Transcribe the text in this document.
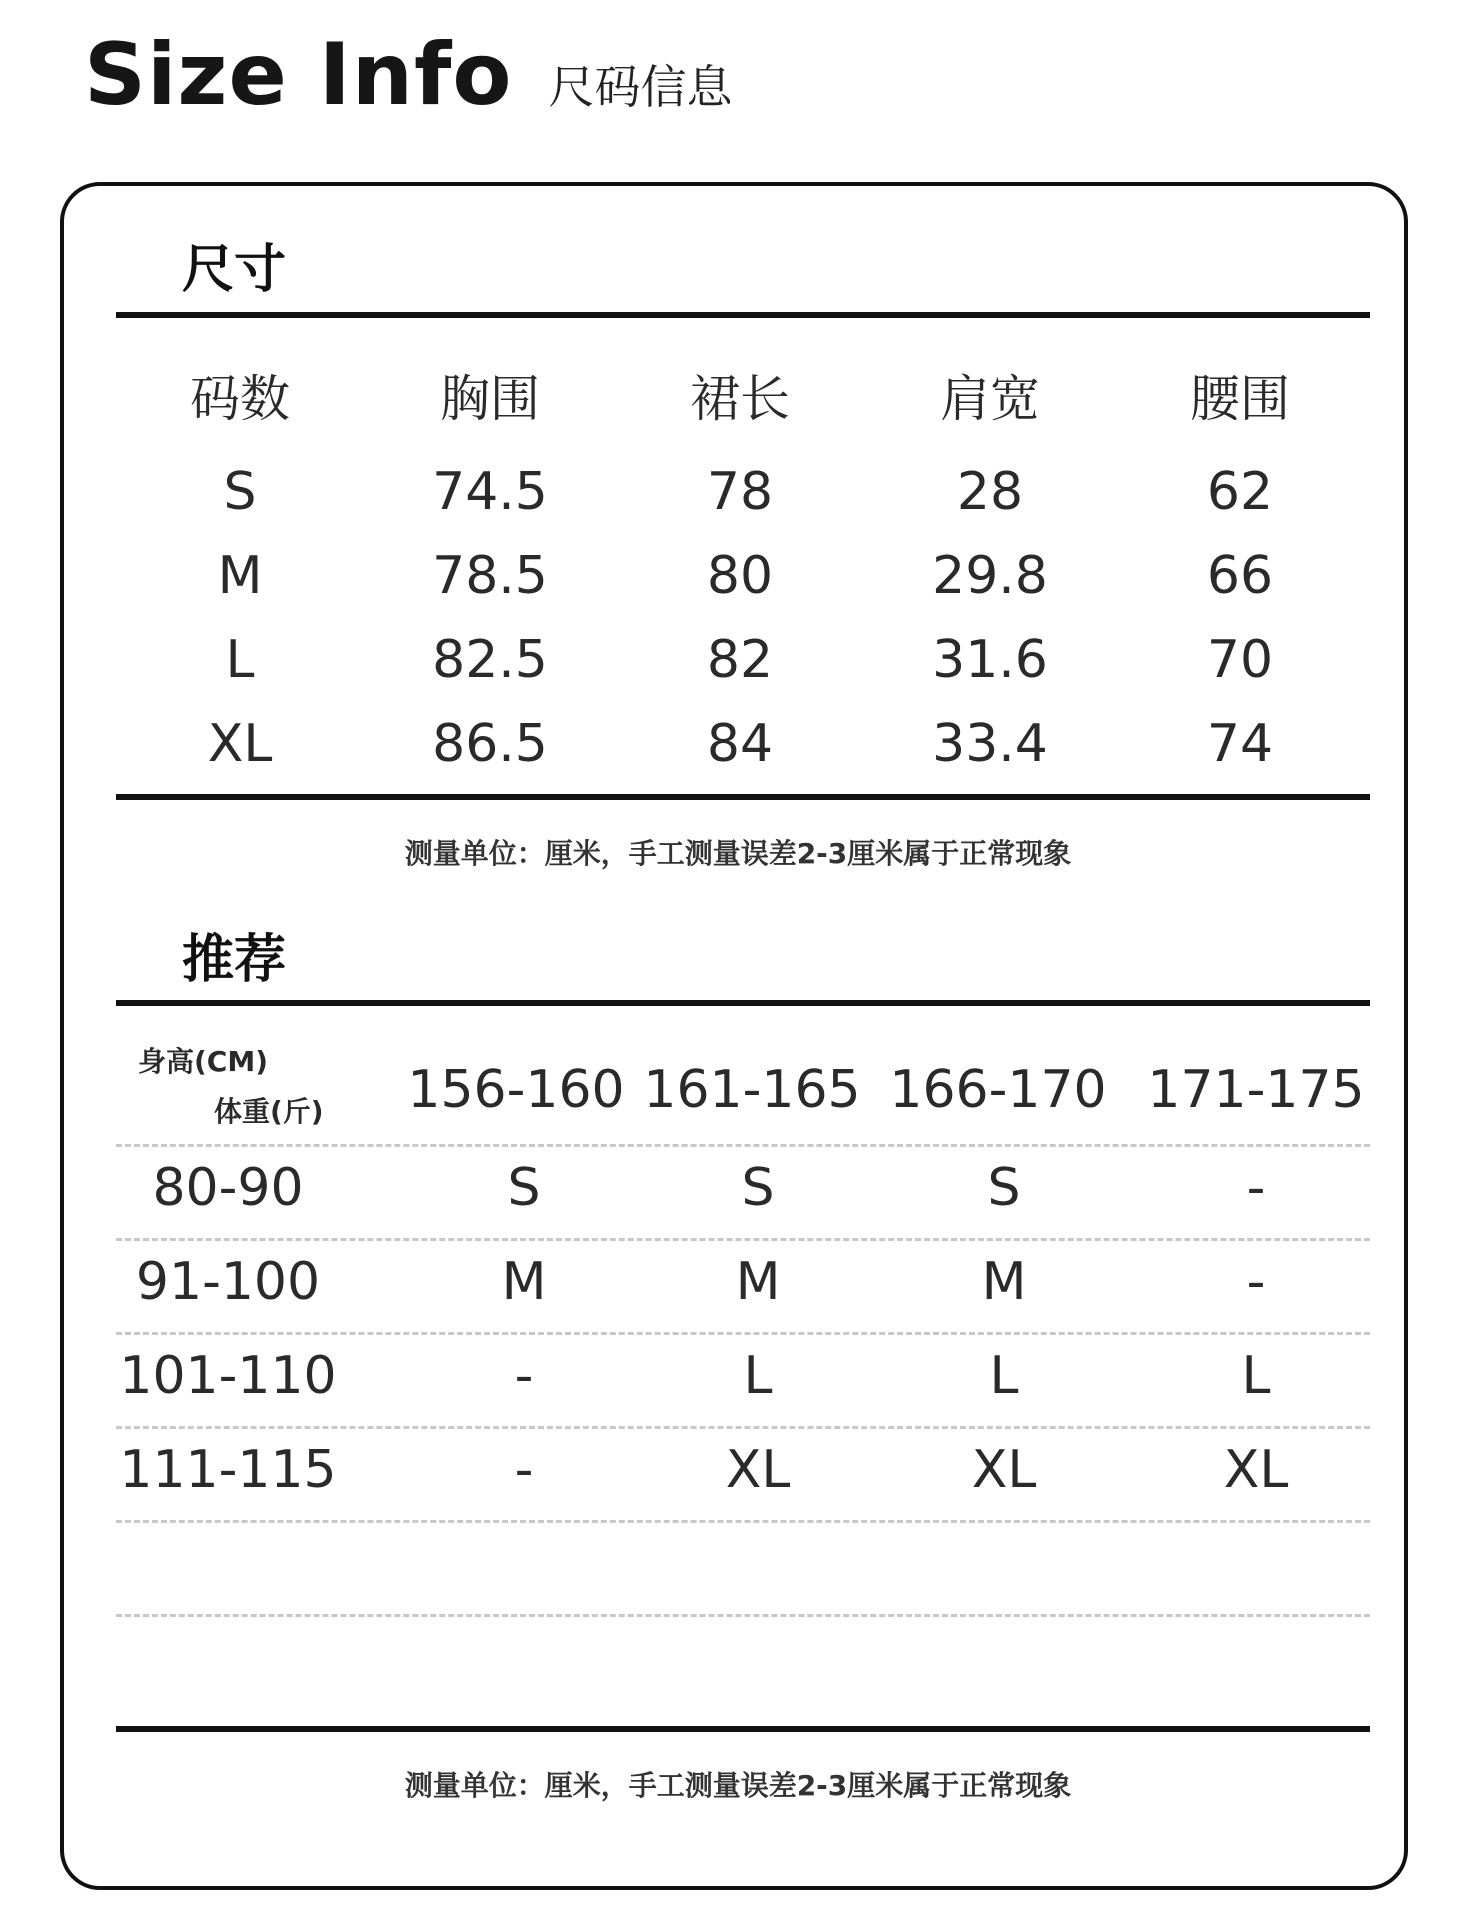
Size Info 尺码信息
尺寸
码数	胸围	裙长	肩宽	腰围
S	74.5	78	28	62
M	78.5	80	29.8	66
L	82.5	82	31.6	70
XL	86.5	84	33.4	74
测量单位：厘米，手工测量误差2-3厘米属于正常现象
推荐
身高(CM)
体重(斤) 156-160 161-165 166-170 171-175
80-90	S	S	S	-
91-100	M	M	M	-
101-110	-	L	L	L
111-115	-	XL	XL	XL
测量单位：厘米，手工测量误差2-3厘米属于正常现象
